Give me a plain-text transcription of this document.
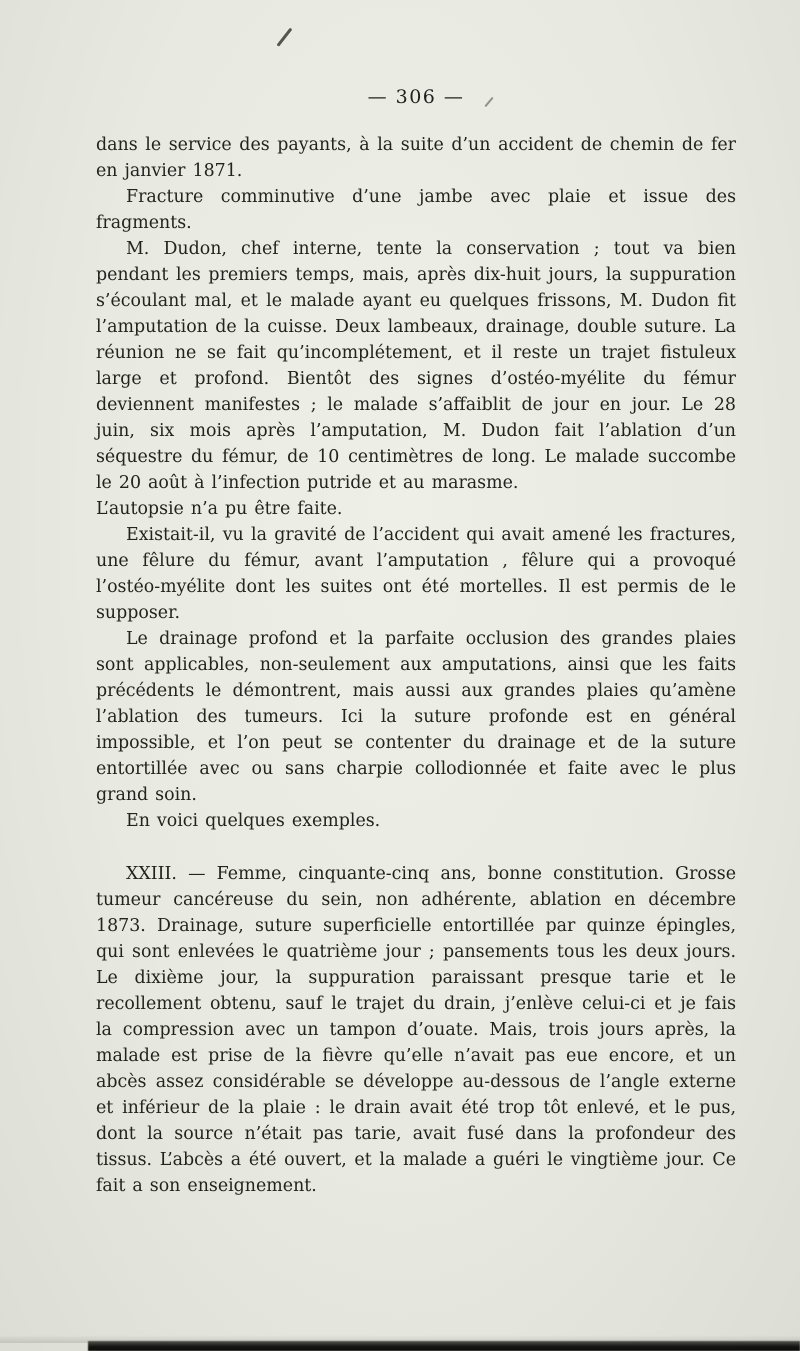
— 306 —

dans le service des payants, à la suite d’un accident de chemin de fer en janvier 1871.

Fracture comminutive d’une jambe avec plaie et issue des fragments.

M. Dudon, chef interne, tente la conservation ; tout va bien pendant les premiers temps, mais, après dix-huit jours, la suppuration s’écoulant mal, et le malade ayant eu quelques frissons, M. Dudon fit l’amputation de la cuisse. Deux lambeaux, drainage, double suture. La réunion ne se fait qu’incomplétement, et il reste un trajet fistuleux large et profond. Bientôt des signes d’ostéo-myélite du fémur deviennent manifestes ; le malade s’affaiblit de jour en jour. Le 28 juin, six mois après l’amputation, M. Dudon fait l’ablation d’un séquestre du fémur, de 10 centimètres de long. Le malade succombe le 20 août à l’infection putride et au marasme.

L’autopsie n’a pu être faite.

Existait-il, vu la gravité de l’accident qui avait amené les fractures, une fêlure du fémur, avant l’amputation , fêlure qui a provoqué l’ostéo-myélite dont les suites ont été mortelles. Il est permis de le supposer.

Le drainage profond et la parfaite occlusion des grandes plaies sont applicables, non-seulement aux amputations, ainsi que les faits précédents le démontrent, mais aussi aux grandes plaies qu’amène l’ablation des tumeurs. Ici la suture profonde est en général impossible, et l’on peut se contenter du drainage et de la suture entortillée avec ou sans charpie collodionnée et faite avec le plus grand soin.

En voici quelques exemples.

XXIII. — Femme, cinquante-cinq ans, bonne constitution. Grosse tumeur cancéreuse du sein, non adhérente, ablation en décembre 1873. Drainage, suture superficielle entortillée par quinze épingles, qui sont enlevées le quatrième jour ; pansements tous les deux jours. Le dixième jour, la suppuration paraissant presque tarie et le recollement obtenu, sauf le trajet du drain, j’enlève celui-ci et je fais la compression avec un tampon d’ouate. Mais, trois jours après, la malade est prise de la fièvre qu’elle n’avait pas eue encore, et un abcès assez considérable se développe au-dessous de l’angle externe et inférieur de la plaie : le drain avait été trop tôt enlevé, et le pus, dont la source n’était pas tarie, avait fusé dans la profondeur des tissus. L’abcès a été ouvert, et la malade a guéri le vingtième jour. Ce fait a son enseignement.
